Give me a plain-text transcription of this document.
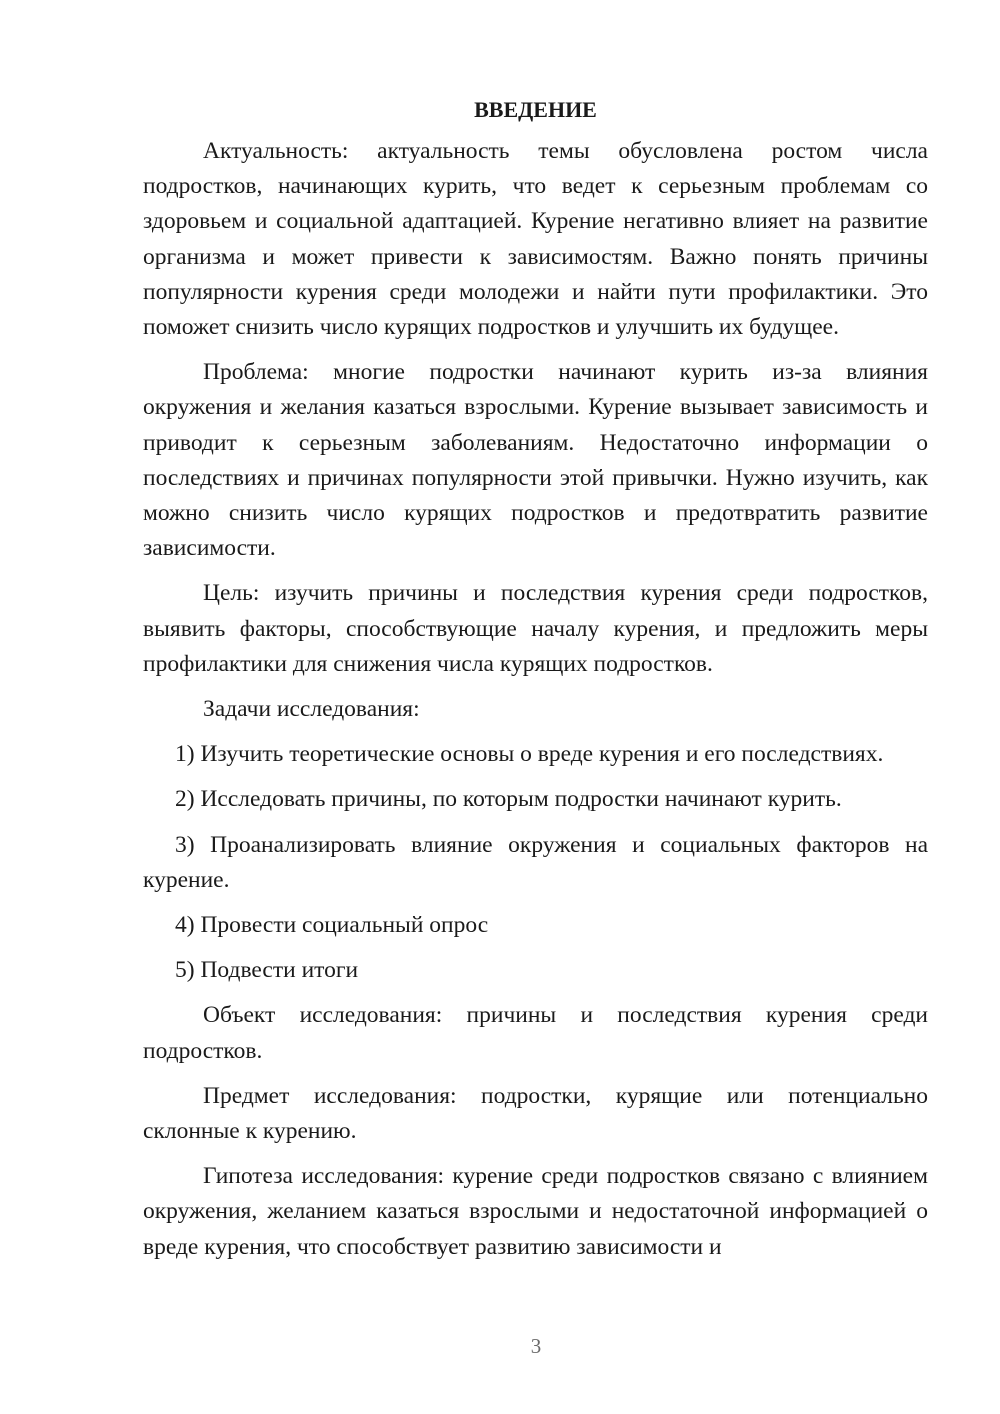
ВВЕДЕНИЕ

Актуальность: актуальность темы обусловлена ростом числа подростков, начинающих курить, что ведет к серьезным проблемам со здоровьем и социальной адаптацией. Курение негативно влияет на развитие организма и может привести к зависимостям. Важно понять причины популярности курения среди молодежи и найти пути профилактики. Это поможет снизить число курящих подростков и улучшить их будущее.

Проблема: многие подростки начинают курить из-за влияния окружения и желания казаться взрослыми. Курение вызывает зависимость и приводит к серьезным заболеваниям. Недостаточно информации о последствиях и причинах популярности этой привычки. Нужно изучить, как можно снизить число курящих подростков и предотвратить развитие зависимости.

Цель: изучить причины и последствия курения среди подростков, выявить факторы, способствующие началу курения, и предложить меры профилактики для снижения числа курящих подростков.

Задачи исследования:

1) Изучить теоретические основы о вреде курения и его последствиях.

2) Исследовать причины, по которым подростки начинают курить.

3) Проанализировать влияние окружения и социальных факторов на курение.

4) Провести социальный опрос

5) Подвести итоги

Объект исследования: причины и последствия курения среди подростков.

Предмет исследования: подростки, курящие или потенциально склонные к курению.

Гипотеза исследования: курение среди подростков связано с влиянием окружения, желанием казаться взрослыми и недостаточной информацией о вреде курения, что способствует развитию зависимости и

3
